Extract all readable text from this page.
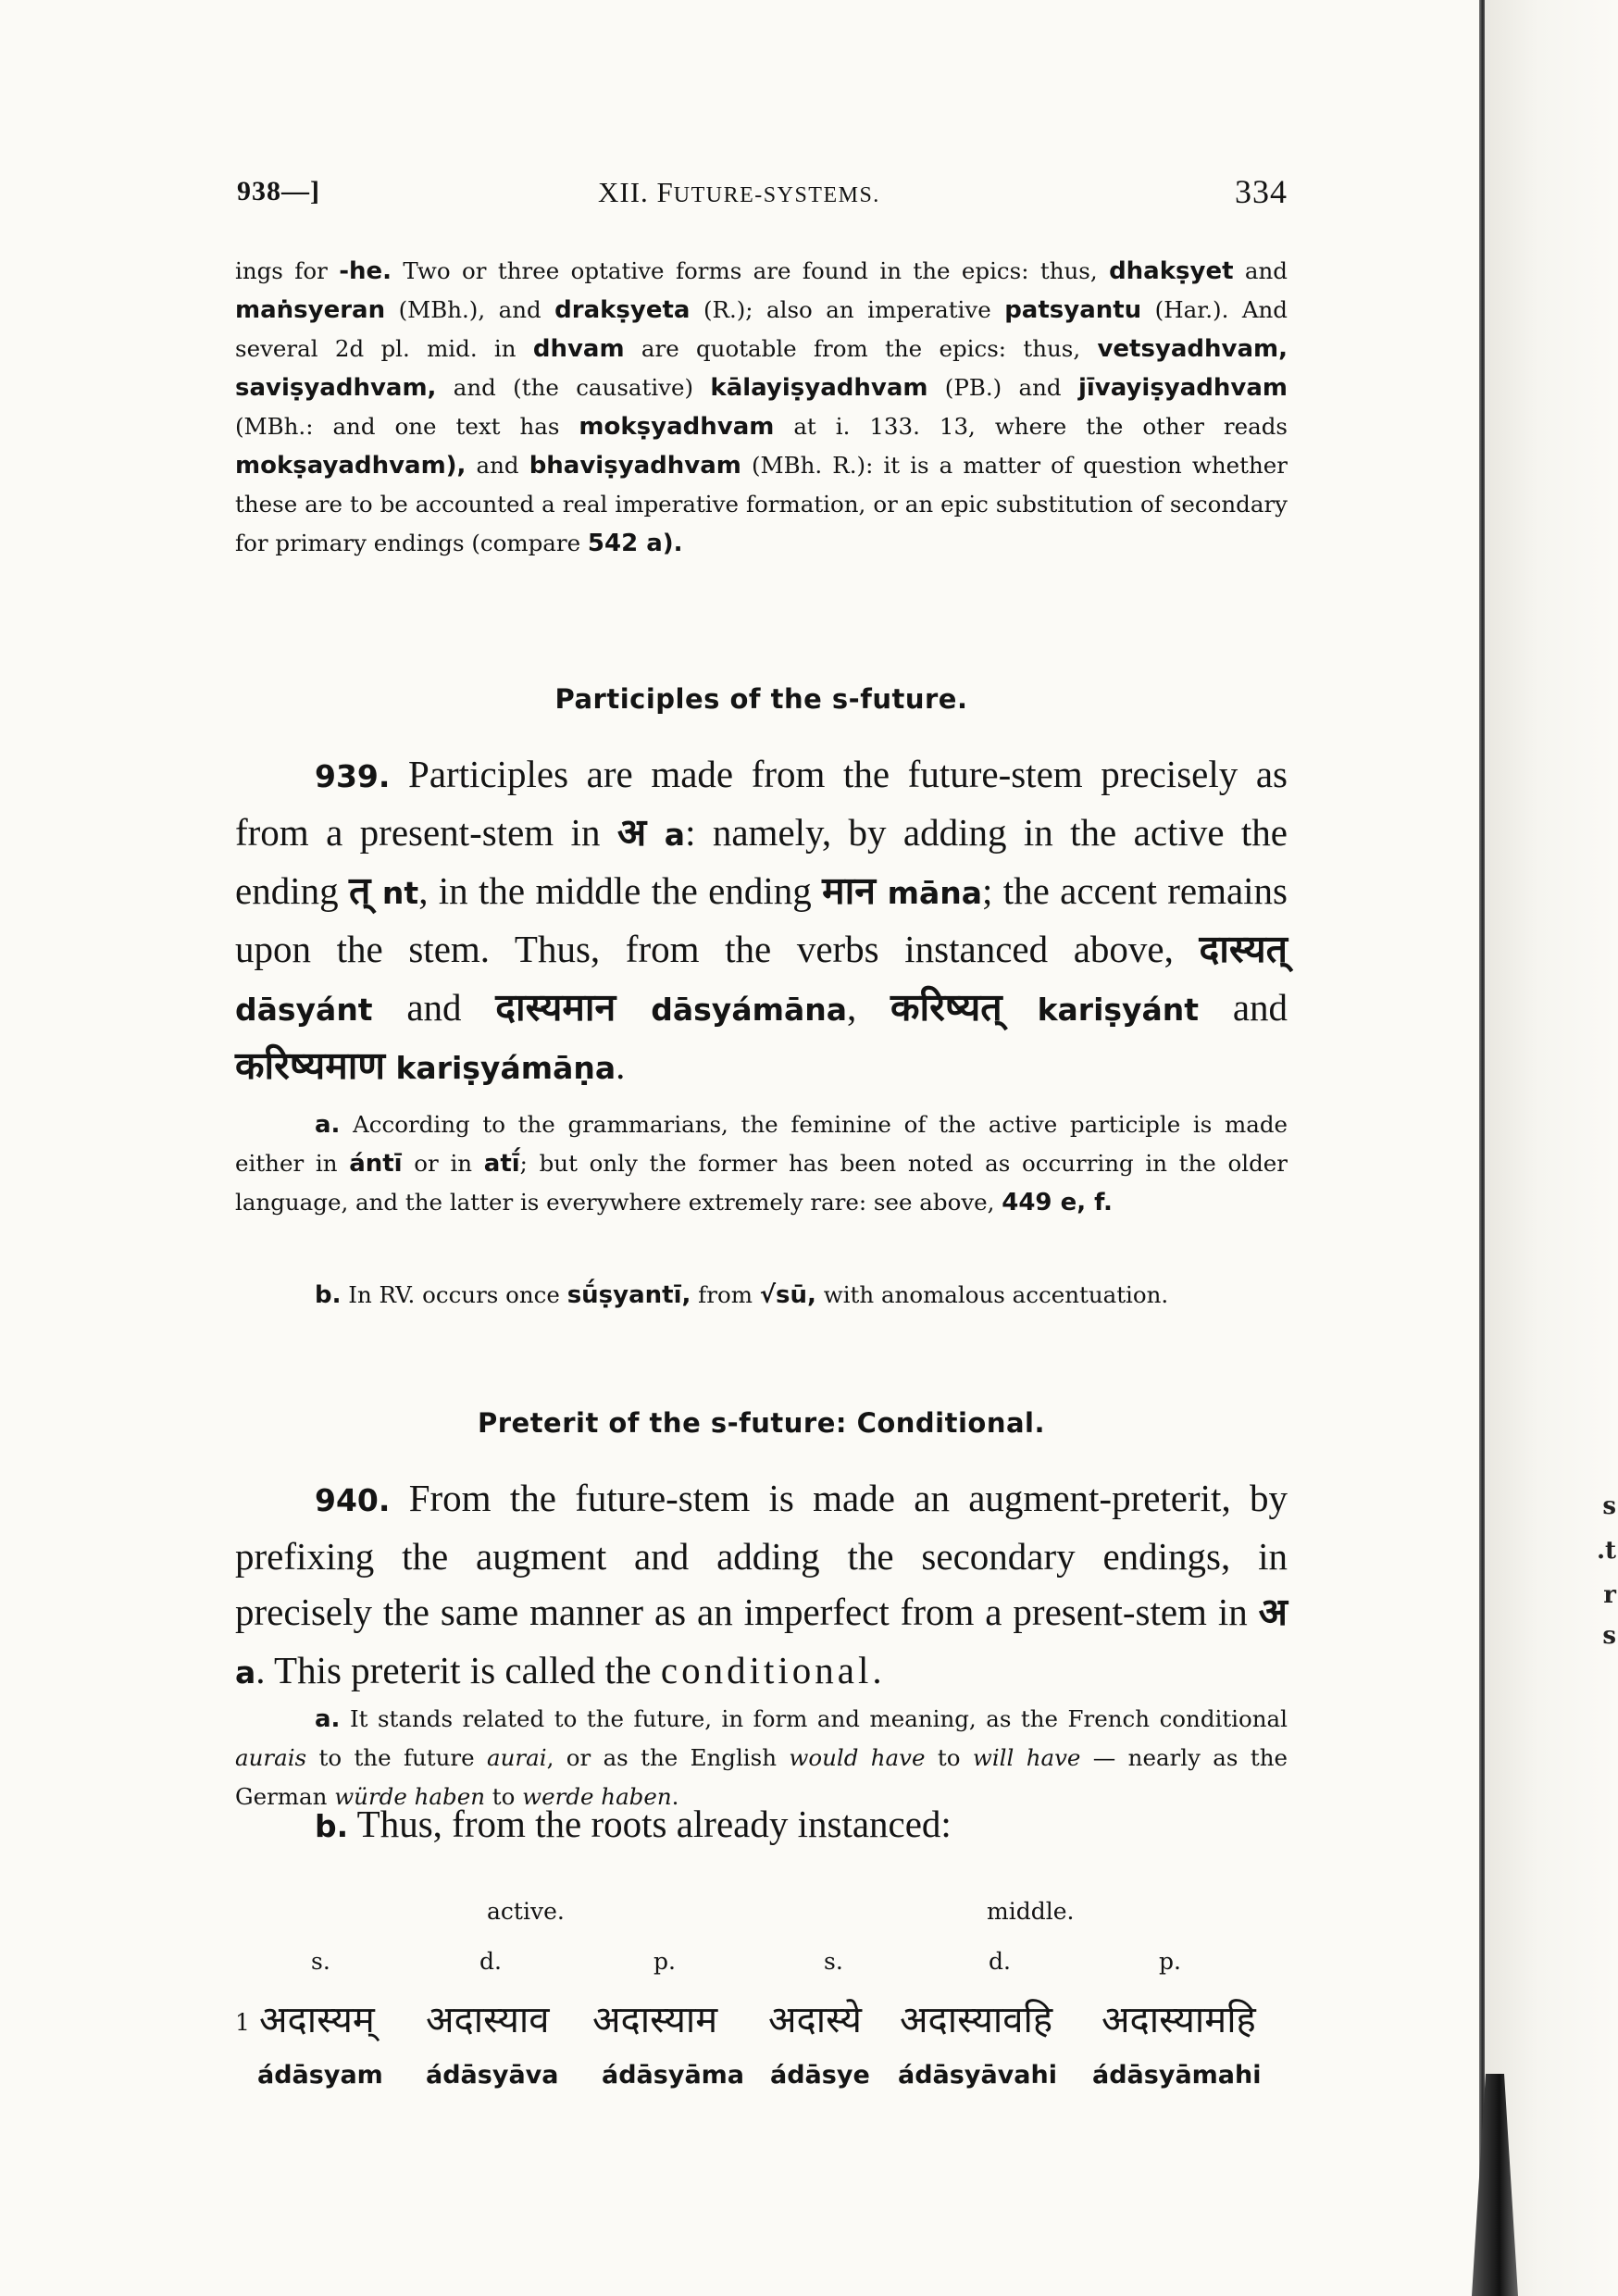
s
.t
r
s
938—]	XII. FUTURE-SYSTEMS.	334

ings for -he. Two or three optative forms are found in the epics: thus, dhakṣyet and maṅsyeran (MBh.), and drakṣyeta (R.); also an imperative patsyantu (Har.). And several 2d pl. mid. in dhvam are quotable from the epics: thus, vetsyadhvam, saviṣyadhvam, and (the causative) kālayiṣyadhvam (PB.) and jīvayiṣyadhvam (MBh.: and one text has mokṣyadhvam at i. 133. 13, where the other reads mokṣayadhvam), and bhaviṣyadhvam (MBh. R.): it is a matter of question whether these are to be accounted a real imperative formation, or an epic substitution of secondary for primary endings (compare 542 a).

Participles of the s-future.

939. Participles are made from the future-stem precisely as from a present-stem in अ a: namely, by adding in the active the ending त् nt, in the middle the ending मान māna; the accent remains upon the stem. Thus, from the verbs instanced above, दास्यत् dāsyánt and दास्यमान dāsyámāna, करिष्यत् kariṣyánt and करिष्यमाण kariṣyámāṇa.

a. According to the grammarians, the feminine of the active participle is made either in ántī or in atī́; but only the former has been noted as occurring in the older language, and the latter is everywhere extremely rare: see above, 449 e, f.

b. In RV. occurs once sū́ṣyantī, from √sū, with anomalous accentuation.

Preterit of the s-future: Conditional.

940. From the future-stem is made an augment-preterit, by prefixing the augment and adding the secondary endings, in precisely the same manner as an imperfect from a present-stem in अ a. This preterit is called the conditional.

a. It stands related to the future, in form and meaning, as the French conditional aurais to the future aurai, or as the English would have to will have — nearly as the German würde haben to werde haben.

b. Thus, from the roots already instanced:

active.	middle.
s.	d.	p.	s.	d.	p.
1 अदास्यम् अदास्याव अदास्याम अदास्ये अदास्यावहि अदास्यामहि
ádāsyam ádāsyāva ádāsyāma ádāsye ádāsyāvahi ádāsyāmahi
